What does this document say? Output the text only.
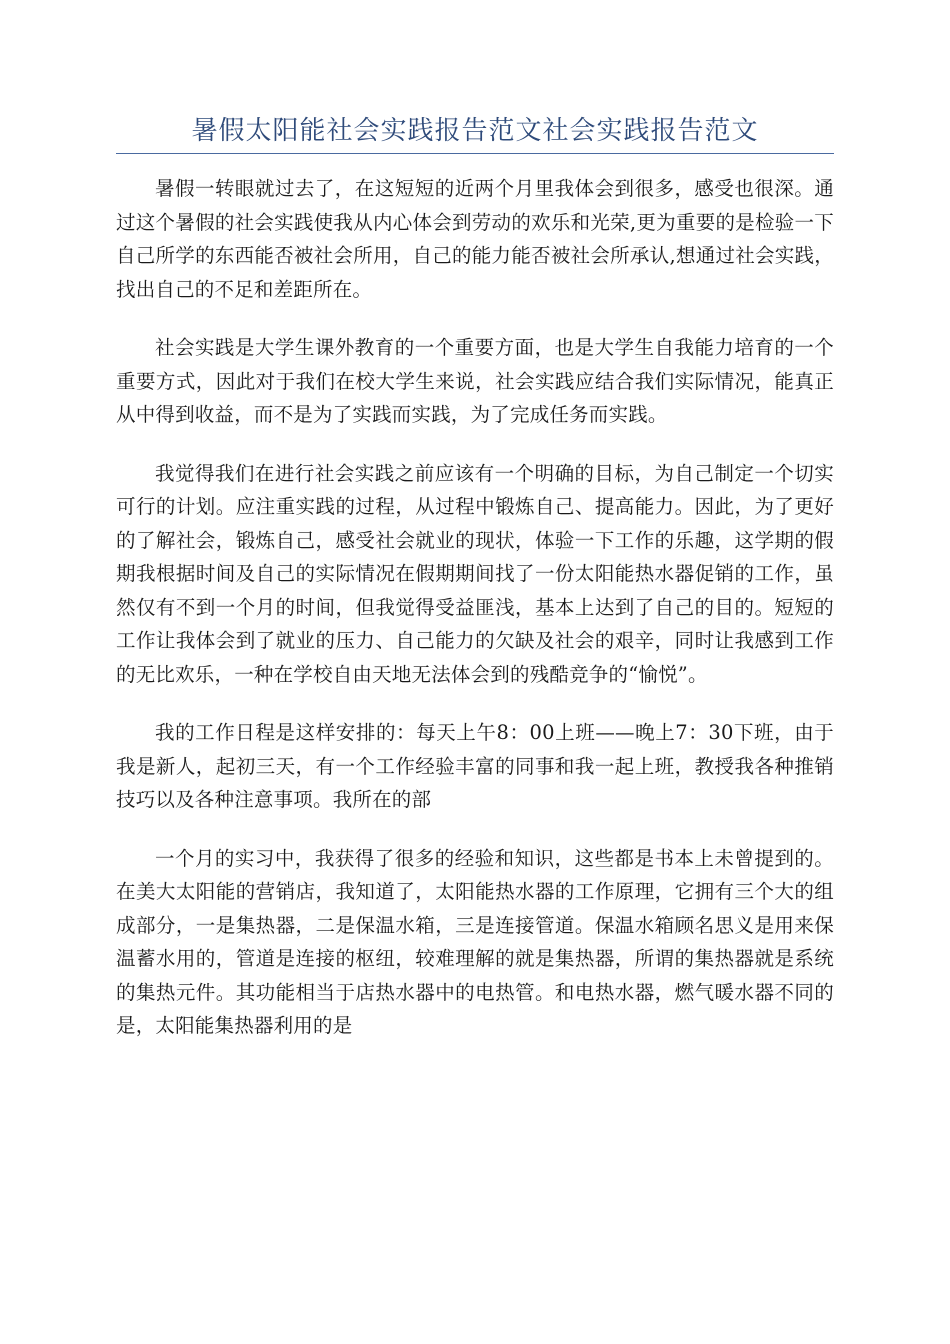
暑假太阳能社会实践报告范文社会实践报告范文

暑假一转眼就过去了，在这短短的近两个月里我体会到很多，感受也很深。通过这个暑假的社会实践使我从内心体会到劳动的欢乐和光荣,更为重要的是检验一下自己所学的东西能否被社会所用，自己的能力能否被社会所承认,想通过社会实践，找出自己的不足和差距所在。

社会实践是大学生课外教育的一个重要方面，也是大学生自我能力培育的一个重要方式，因此对于我们在校大学生来说，社会实践应结合我们实际情况，能真正从中得到收益，而不是为了实践而实践，为了完成任务而实践。

我觉得我们在进行社会实践之前应该有一个明确的目标，为自己制定一个切实可行的计划。应注重实践的过程，从过程中锻炼自己、提高能力。因此，为了更好的了解社会，锻炼自己，感受社会就业的现状，体验一下工作的乐趣，这学期的假期我根据时间及自己的实际情况在假期期间找了一份太阳能热水器促销的工作，虽然仅有不到一个月的时间，但我觉得受益匪浅，基本上达到了自己的目的。短短的工作让我体会到了就业的压力、自己能力的欠缺及社会的艰辛，同时让我感到工作的无比欢乐，一种在学校自由天地无法体会到的残酷竞争的“愉悦”。

我的工作日程是这样安排的：每天上午8：00上班——晚上7：30下班，由于我是新人，起初三天，有一个工作经验丰富的同事和我一起上班，教授我各种推销技巧以及各种注意事项。我所在的部

一个月的实习中，我获得了很多的经验和知识，这些都是书本上未曾提到的。在美大太阳能的营销店，我知道了，太阳能热水器的工作原理，它拥有三个大的组成部分，一是集热器，二是保温水箱，三是连接管道。保温水箱顾名思义是用来保温蓄水用的，管道是连接的枢纽，较难理解的就是集热器，所谓的集热器就是系统的集热元件。其功能相当于店热水器中的电热管。和电热水器，燃气暖水器不同的是，太阳能集热器利用的是
